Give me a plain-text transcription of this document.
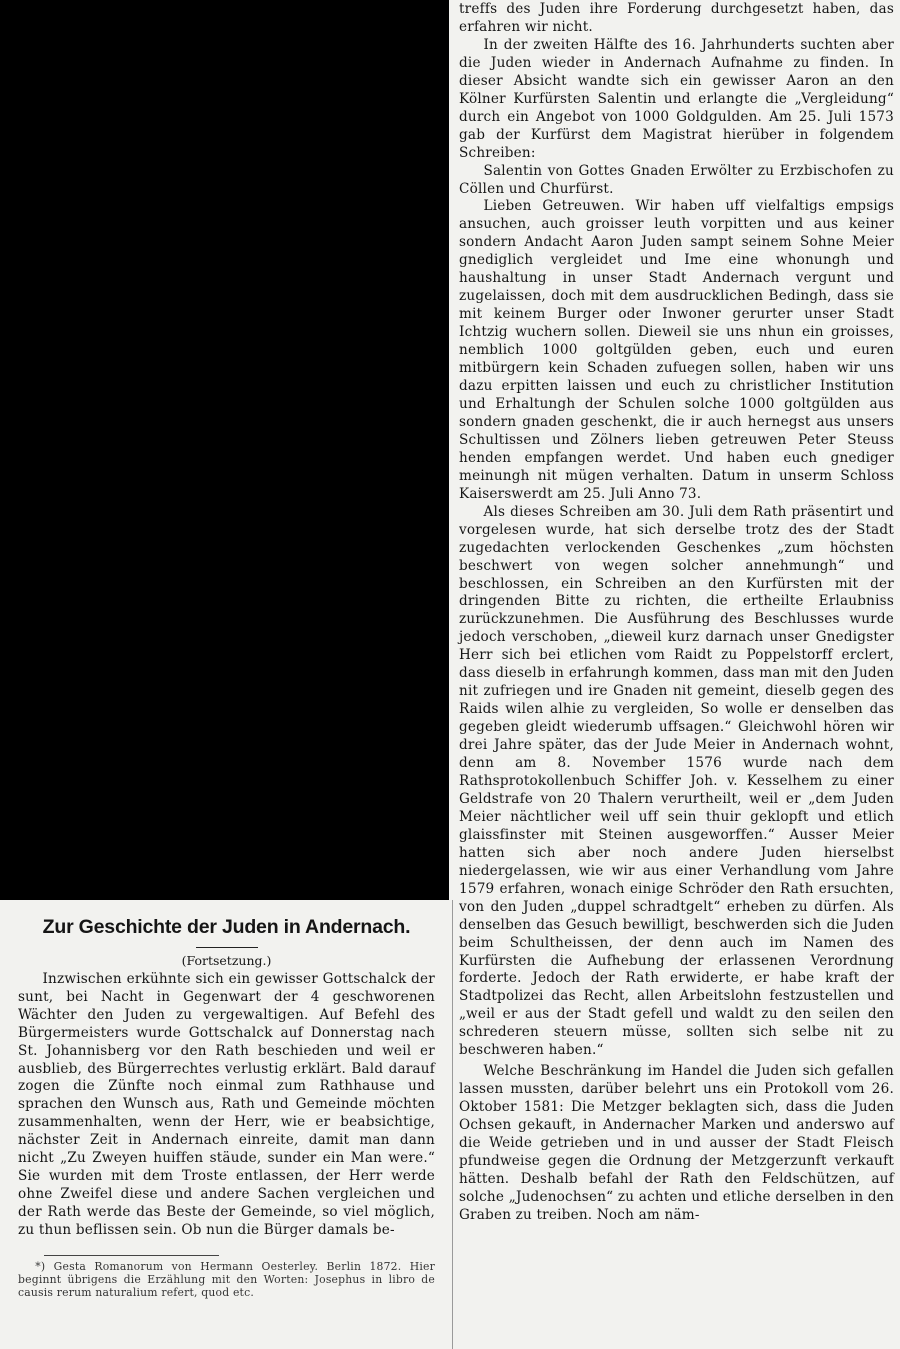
Zur Geschichte der Juden in Andernach.
(Fortsetzung.)

Inzwischen erkühnte sich ein gewisser Gottschalck der sunt, bei Nacht in Gegenwart der 4 geschworenen Wächter den Juden zu vergewaltigen. Auf Befehl des Bürgermeisters wurde Gottschalck auf Donnerstag nach St. Johannisberg vor den Rath beschieden und weil er ausblieb, des Bürgerrechtes verlustig erklärt. Bald darauf zogen die Zünfte noch einmal zum Rathhause und sprachen den Wunsch aus, Rath und Gemeinde möchten zusammenhalten, wenn der Herr, wie er beabsichtige, nächster Zeit in Andernach einreite, damit man dann nicht „Zu Zweyen huiffen stäude, sunder ein Man were.“ Sie wurden mit dem Troste entlassen, der Herr werde ohne Zweifel diese und andere Sachen vergleichen und der Rath werde das Beste der Gemeinde, so viel möglich, zu thun beflissen sein. Ob nun die Bürger damals be-

*) Gesta Romanorum von Hermann Oesterley. Berlin 1872. Hier beginnt übrigens die Erzählung mit den Worten: Josephus in libro de causis rerum naturalium refert, quod etc.

treffs des Juden ihre Forderung durchgesetzt haben, das erfahren wir nicht.

In der zweiten Hälfte des 16. Jahrhunderts suchten aber die Juden wieder in Andernach Aufnahme zu finden. In dieser Absicht wandte sich ein gewisser Aaron an den Kölner Kurfürsten Salentin und erlangte die „Vergleidung“ durch ein Angebot von 1000 Goldgulden. Am 25. Juli 1573 gab der Kurfürst dem Magistrat hierüber in folgendem Schreiben:

Salentin von Gottes Gnaden Erwölter zu Erzbischofen zu Cöllen und Churfürst.

Lieben Getreuwen. Wir haben uff vielfaltigs empsigs ansuchen, auch groisser leuth vorpitten und aus keiner sondern Andacht Aaron Juden sampt seinem Sohne Meier gnediglich vergleidet und Ime eine whonungh und haushaltung in unser Stadt Andernach vergunt und zugelaissen, doch mit dem ausdrucklichen Bedingh, dass sie mit keinem Burger oder Inwoner gerurter unser Stadt Ichtzig wuchern sollen. Dieweil sie uns nhun ein groisses, nemblich 1000 goltgülden geben, euch und euren mitbürgern kein Schaden zufuegen sollen, haben wir uns dazu erpitten laissen und euch zu christlicher Institution und Erhaltungh der Schulen solche 1000 goltgülden aus sondern gnaden geschenkt, die ir auch hernegst aus unsers Schultissen und Zölners lieben getreuwen Peter Steuss henden empfangen werdet. Und haben euch gnediger meinungh nit mügen verhalten. Datum in unserm Schloss Kaiserswerdt am 25. Juli Anno 73.

Als dieses Schreiben am 30. Juli dem Rath präsentirt und vorgelesen wurde, hat sich derselbe trotz des der Stadt zugedachten verlockenden Geschenkes „zum höchsten beschwert von wegen solcher annehmungh“ und beschlossen, ein Schreiben an den Kurfürsten mit der dringenden Bitte zu richten, die ertheilte Erlaubniss zurückzunehmen. Die Ausführung des Beschlusses wurde jedoch verschoben, „dieweil kurz darnach unser Gnedigster Herr sich bei etlichen vom Raidt zu Poppelstorff erclert, dass dieselb in erfahrungh kommen, dass man mit den Juden nit zufriegen und ire Gnaden nit gemeint, dieselb gegen des Raids wilen alhie zu vergleiden, So wolle er denselben das gegeben gleidt wiederumb uffsagen.“ Gleichwohl hören wir drei Jahre später, das der Jude Meier in Andernach wohnt, denn am 8. November 1576 wurde nach dem Rathsprotokollenbuch Schiffer Joh. v. Kesselhem zu einer Geldstrafe von 20 Thalern verurtheilt, weil er „dem Juden Meier nächtlicher weil uff sein thuir geklopft und etlich glaissfinster mit Steinen ausgeworffen.“ Ausser Meier hatten sich aber noch andere Juden hierselbst niedergelassen, wie wir aus einer Verhandlung vom Jahre 1579 erfahren, wonach einige Schröder den Rath ersuchten, von den Juden „duppel schradtgelt“ erheben zu dürfen. Als denselben das Gesuch bewilligt, beschwerden sich die Juden beim Schultheissen, der denn auch im Namen des Kurfürsten die Aufhebung der erlassenen Verordnung forderte. Jedoch der Rath erwiderte, er habe kraft der Stadtpolizei das Recht, allen Arbeitslohn festzustellen und „weil er aus der Stadt gefell und waldt zu den seilen den schrederen steuern müsse, sollten sich selbe nit zu beschweren haben.“

Welche Beschränkung im Handel die Juden sich gefallen lassen mussten, darüber belehrt uns ein Protokoll vom 26. Oktober 1581: Die Metzger beklagten sich, dass die Juden Ochsen gekauft, in Andernacher Marken und anderswo auf die Weide getrieben und in und ausser der Stadt Fleisch pfundweise gegen die Ordnung der Metzgerzunft verkauft hätten. Deshalb befahl der Rath den Feldschützen, auf solche „Judenochsen“ zu achten und etliche derselben in den Graben zu treiben. Noch am näm-
